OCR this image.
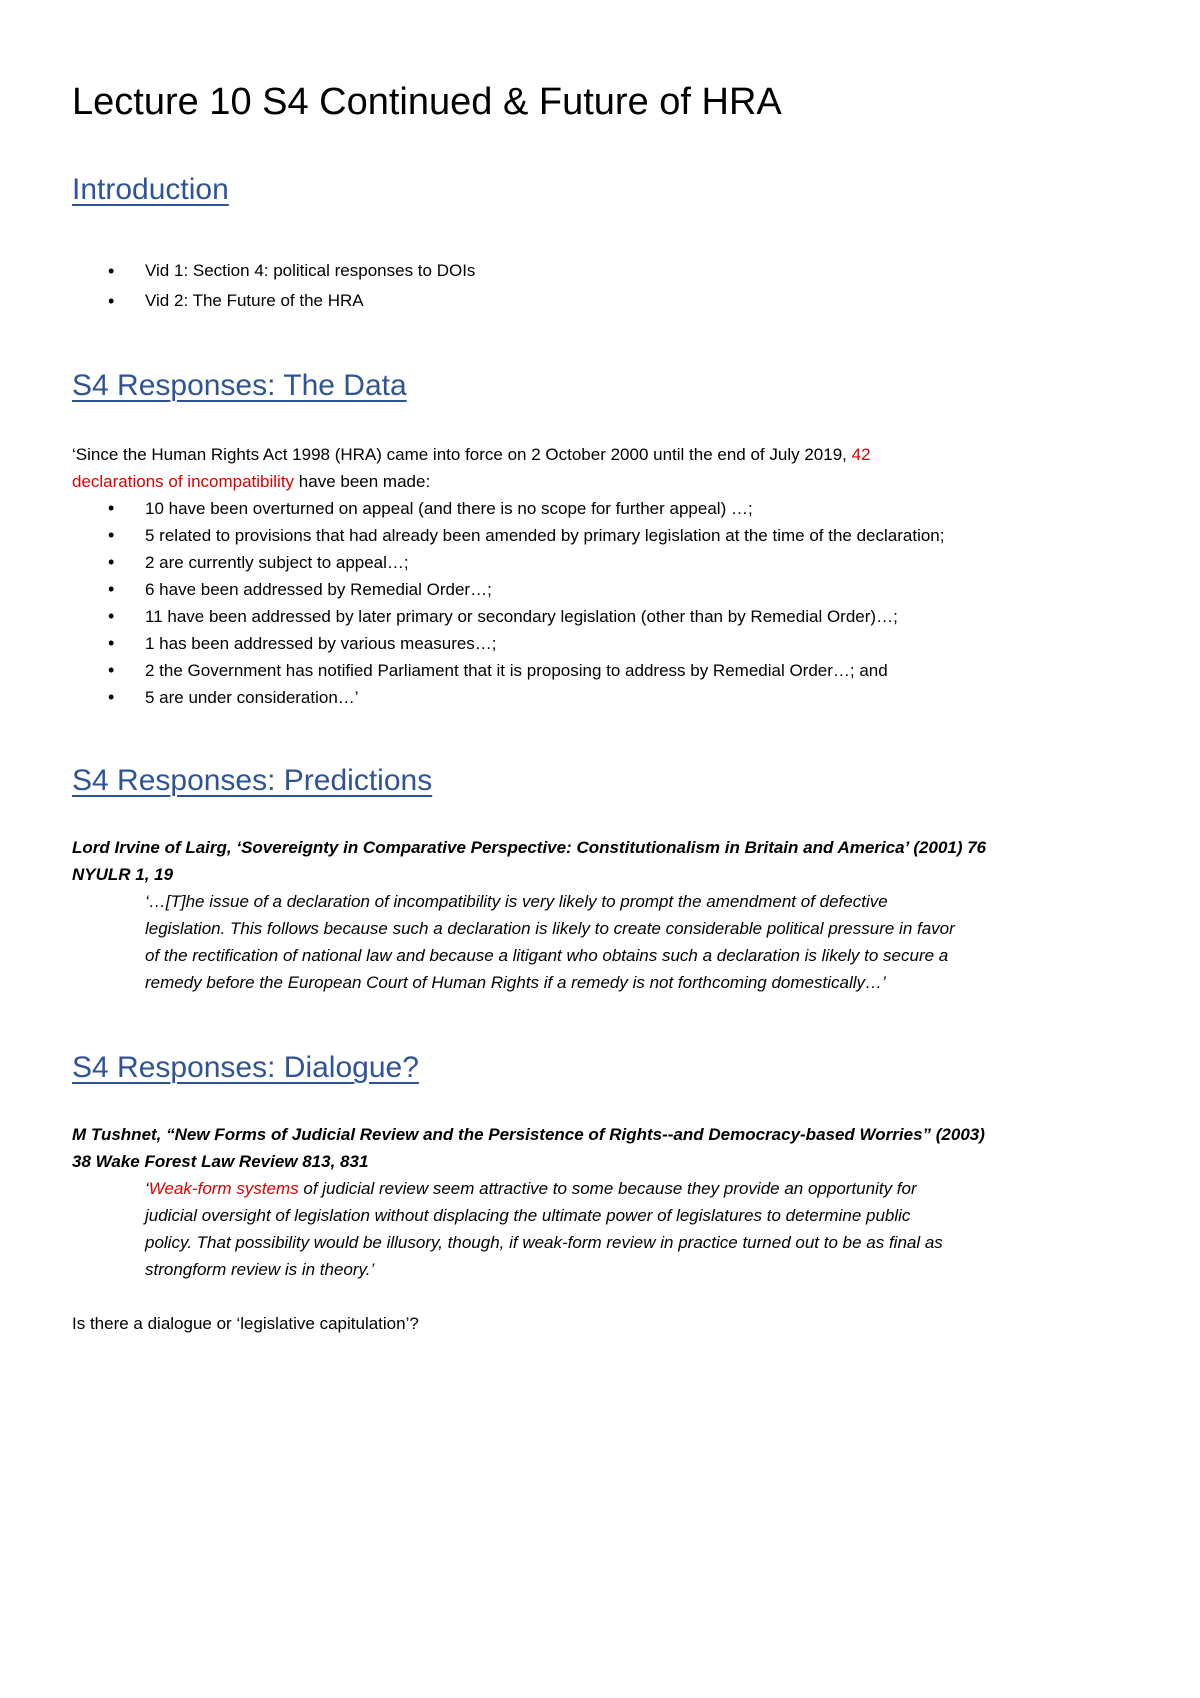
Lecture 10 S4 Continued & Future of HRA
Introduction
• Vid 1: Section 4: political responses to DOIs
• Vid 2: The Future of the HRA
S4 Responses: The Data

‘Since the Human Rights Act 1998 (HRA) came into force on 2 October 2000 until the end of July 2019, 42

declarations of incompatibility have been made:

• 10 have been overturned on appeal (and there is no scope for further appeal) …;
• 5 related to provisions that had already been amended by primary legislation at the time of the declaration;
• 2 are currently subject to appeal…;
• 6 have been addressed by Remedial Order…;
• 11 have been addressed by later primary or secondary legislation (other than by Remedial Order)…;
• 1 has been addressed by various measures…;
• 2 the Government has notified Parliament that it is proposing to address by Remedial Order…; and
• 5 are under consideration…’
S4 Responses: Predictions

Lord Irvine of Lairg, ‘Sovereignty in Comparative Perspective: Constitutionalism in Britain and America’ (2001) 76

NYULR 1, 19

‘…[T]he issue of a declaration of incompatibility is very likely to prompt the amendment of defective

legislation. This follows because such a declaration is likely to create considerable political pressure in favor

of the rectification of national law and because a litigant who obtains such a declaration is likely to secure a

remedy before the European Court of Human Rights if a remedy is not forthcoming domestically…’

S4 Responses: Dialogue?

M Tushnet, “New Forms of Judicial Review and the Persistence of Rights--and Democracy-based Worries” (2003)

38 Wake Forest Law Review 813, 831

‘Weak-form systems of judicial review seem attractive to some because they provide an opportunity for

judicial oversight of legislation without displacing the ultimate power of legislatures to determine public

policy. That possibility would be illusory, though, if weak-form review in practice turned out to be as final as

strongform review is in theory.’

Is there a dialogue or ‘legislative capitulation’?
